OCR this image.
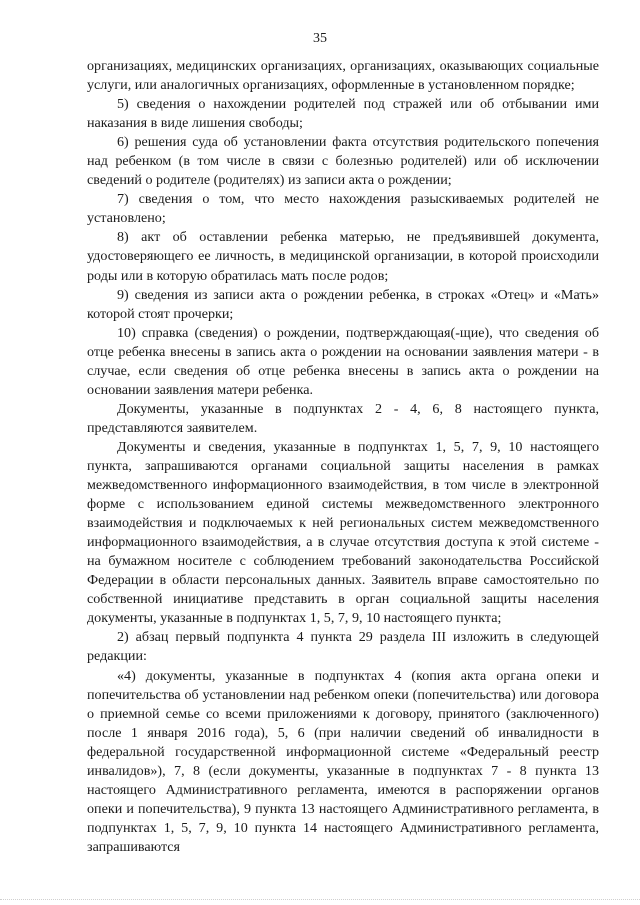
35

организациях, медицинских организациях, организациях, оказывающих социальные услуги, или аналогичных организациях, оформленные в установленном порядке;

5) сведения о нахождении родителей под стражей или об отбывании ими наказания в виде лишения свободы;

6) решения суда об установлении факта отсутствия родительского попечения над ребенком (в том числе в связи с болезнью родителей) или об исключении сведений о родителе (родителях) из записи акта о рождении;

7) сведения о том, что место нахождения разыскиваемых родителей не установлено;

8) акт об оставлении ребенка матерью, не предъявившей документа, удостоверяющего ее личность, в медицинской организации, в которой происходили роды или в которую обратилась мать после родов;

9) сведения из записи акта о рождении ребенка, в строках «Отец» и «Мать» которой стоят прочерки;

10) справка (сведения) о рождении, подтверждающая(-щие), что сведения об отце ребенка внесены в запись акта о рождении на основании заявления матери - в случае, если сведения об отце ребенка внесены в запись акта о рождении на основании заявления матери ребенка.

Документы, указанные в подпунктах 2 - 4, 6, 8 настоящего пункта, представляются заявителем.

Документы и сведения, указанные в подпунктах 1, 5, 7, 9, 10 настоящего пункта, запрашиваются органами социальной защиты населения в рамках межведомственного информационного взаимодействия, в том числе в электронной форме с использованием единой системы межведомственного электронного взаимодействия и подключаемых к ней региональных систем межведомственного информационного взаимодействия, а в случае отсутствия доступа к этой системе - на бумажном носителе с соблюдением требований законодательства Российской Федерации в области персональных данных. Заявитель вправе самостоятельно по собственной инициативе представить в орган социальной защиты населения документы, указанные в подпунктах 1, 5, 7, 9, 10 настоящего пункта;

2) абзац первый подпункта 4 пункта 29 раздела III изложить в следующей редакции:

«4) документы, указанные в подпунктах 4 (копия акта органа опеки и попечительства об установлении над ребенком опеки (попечительства) или договора о приемной семье со всеми приложениями к договору, принятого (заключенного) после 1 января 2016 года), 5, 6 (при наличии сведений об инвалидности в федеральной государственной информационной системе «Федеральный реестр инвалидов»), 7, 8 (если документы, указанные в подпунктах 7 - 8 пункта 13 настоящего Административного регламента, имеются в распоряжении органов опеки и попечительства), 9 пункта 13 настоящего Административного регламента, в подпунктах 1, 5, 7, 9, 10 пункта 14 настоящего Административного регламента, запрашиваются
